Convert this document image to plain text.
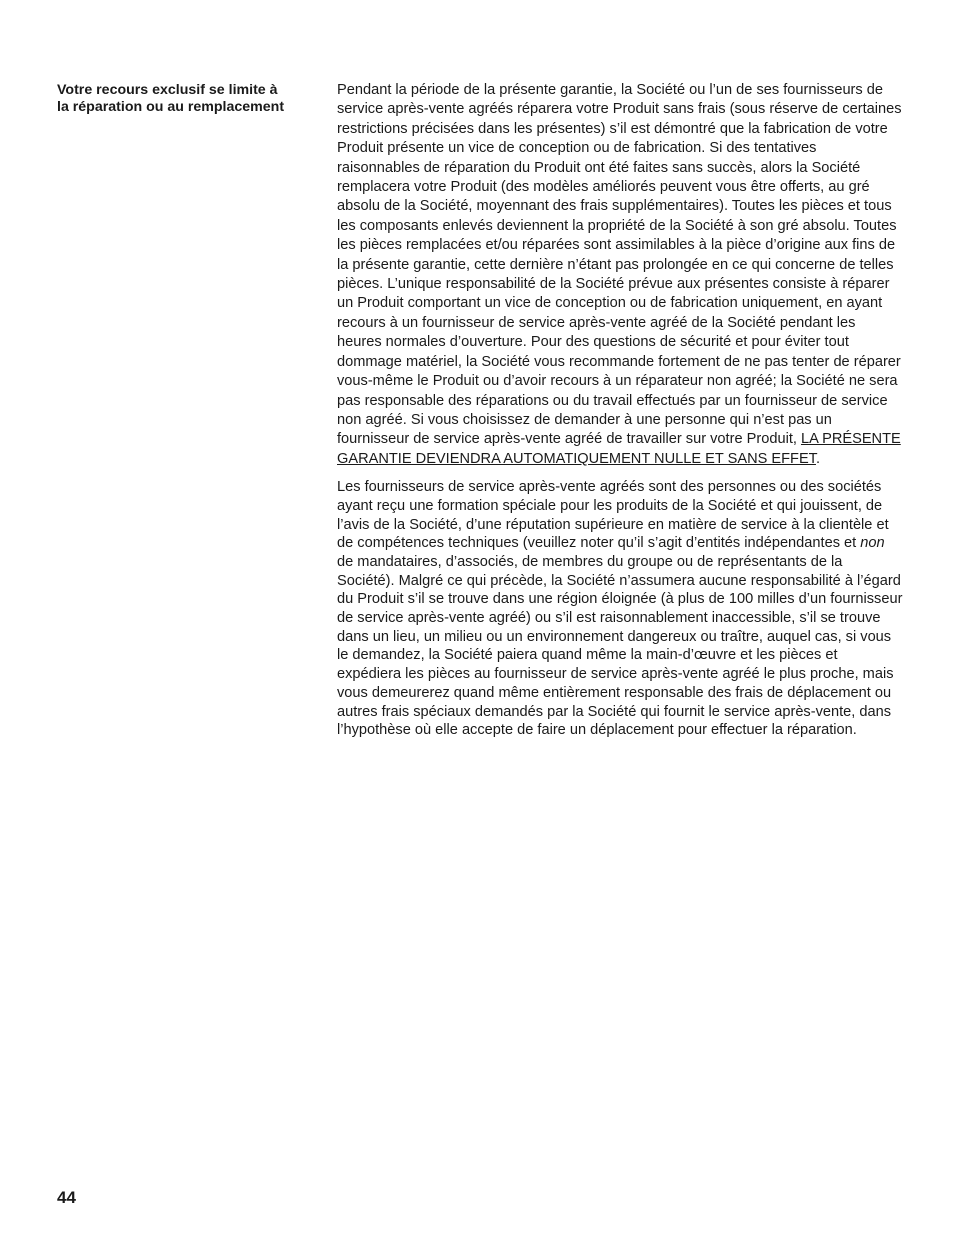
Votre recours exclusif se limite à
la réparation ou au remplacement

Pendant la période de la présente garantie, la Société ou l’un de ses fournisseurs de service après-vente agréés réparera votre Produit sans frais (sous réserve de certaines restrictions précisées dans les présentes) s’il est démontré que la fabrication de votre Produit présente un vice de conception ou de fabrication. Si des tentatives raisonnables de réparation du Produit ont été faites sans succès, alors la Société remplacera votre Produit (des modèles améliorés peuvent vous être offerts, au gré absolu de la Société, moyennant des frais supplémentaires). Toutes les pièces et tous les composants enlevés deviennent la propriété de la Société à son gré absolu. Toutes les pièces remplacées et/ou réparées sont assimilables à la pièce d’origine aux fins de la présente garantie, cette dernière n’étant pas prolongée en ce qui concerne de telles pièces. L’unique responsabilité de la Société prévue aux présentes consiste à réparer un Produit comportant un vice de conception ou de fabrication uniquement, en ayant recours à un fournisseur de service après-vente agréé de la Société pendant les heures normales d’ouverture. Pour des questions de sécurité et pour éviter tout dommage matériel, la Société vous recommande fortement de ne pas tenter de réparer vous-même le Produit ou d’avoir recours à un réparateur non agréé; la Société ne sera pas responsable des réparations ou du travail effectués par un fournisseur de service non agréé. Si vous choisissez de demander à une personne qui n’est pas un fournisseur de service après-vente agréé de travailler sur votre Produit, LA PRÉSENTE GARANTIE DEVIENDRA AUTOMATIQUEMENT NULLE ET SANS EFFET.

Les fournisseurs de service après-vente agréés sont des personnes ou des sociétés ayant reçu une formation spéciale pour les produits de la Société et qui jouissent, de l’avis de la Société, d’une réputation supérieure en matière de service à la clientèle et de compétences techniques (veuillez noter qu’il s’agit d’entités indépendantes et non de mandataires, d’associés, de membres du groupe ou de représentants de la Société). Malgré ce qui précède, la Société n’assumera aucune responsabilité à l’égard du Produit s’il se trouve dans une région éloignée (à plus de 100 milles d’un fournisseur de service après-vente agréé) ou s’il est raisonnablement inaccessible, s’il se trouve dans un lieu, un milieu ou un environnement dangereux ou traître, auquel cas, si vous le demandez, la Société paiera quand même la main-d’œuvre et les pièces et expédiera les pièces au fournisseur de service après-vente agréé le plus proche, mais vous demeurerez quand même entièrement responsable des frais de déplacement ou autres frais spéciaux demandés par la Société qui fournit le service après-vente, dans l’hypothèse où elle accepte de faire un déplacement pour effectuer la réparation.

44
